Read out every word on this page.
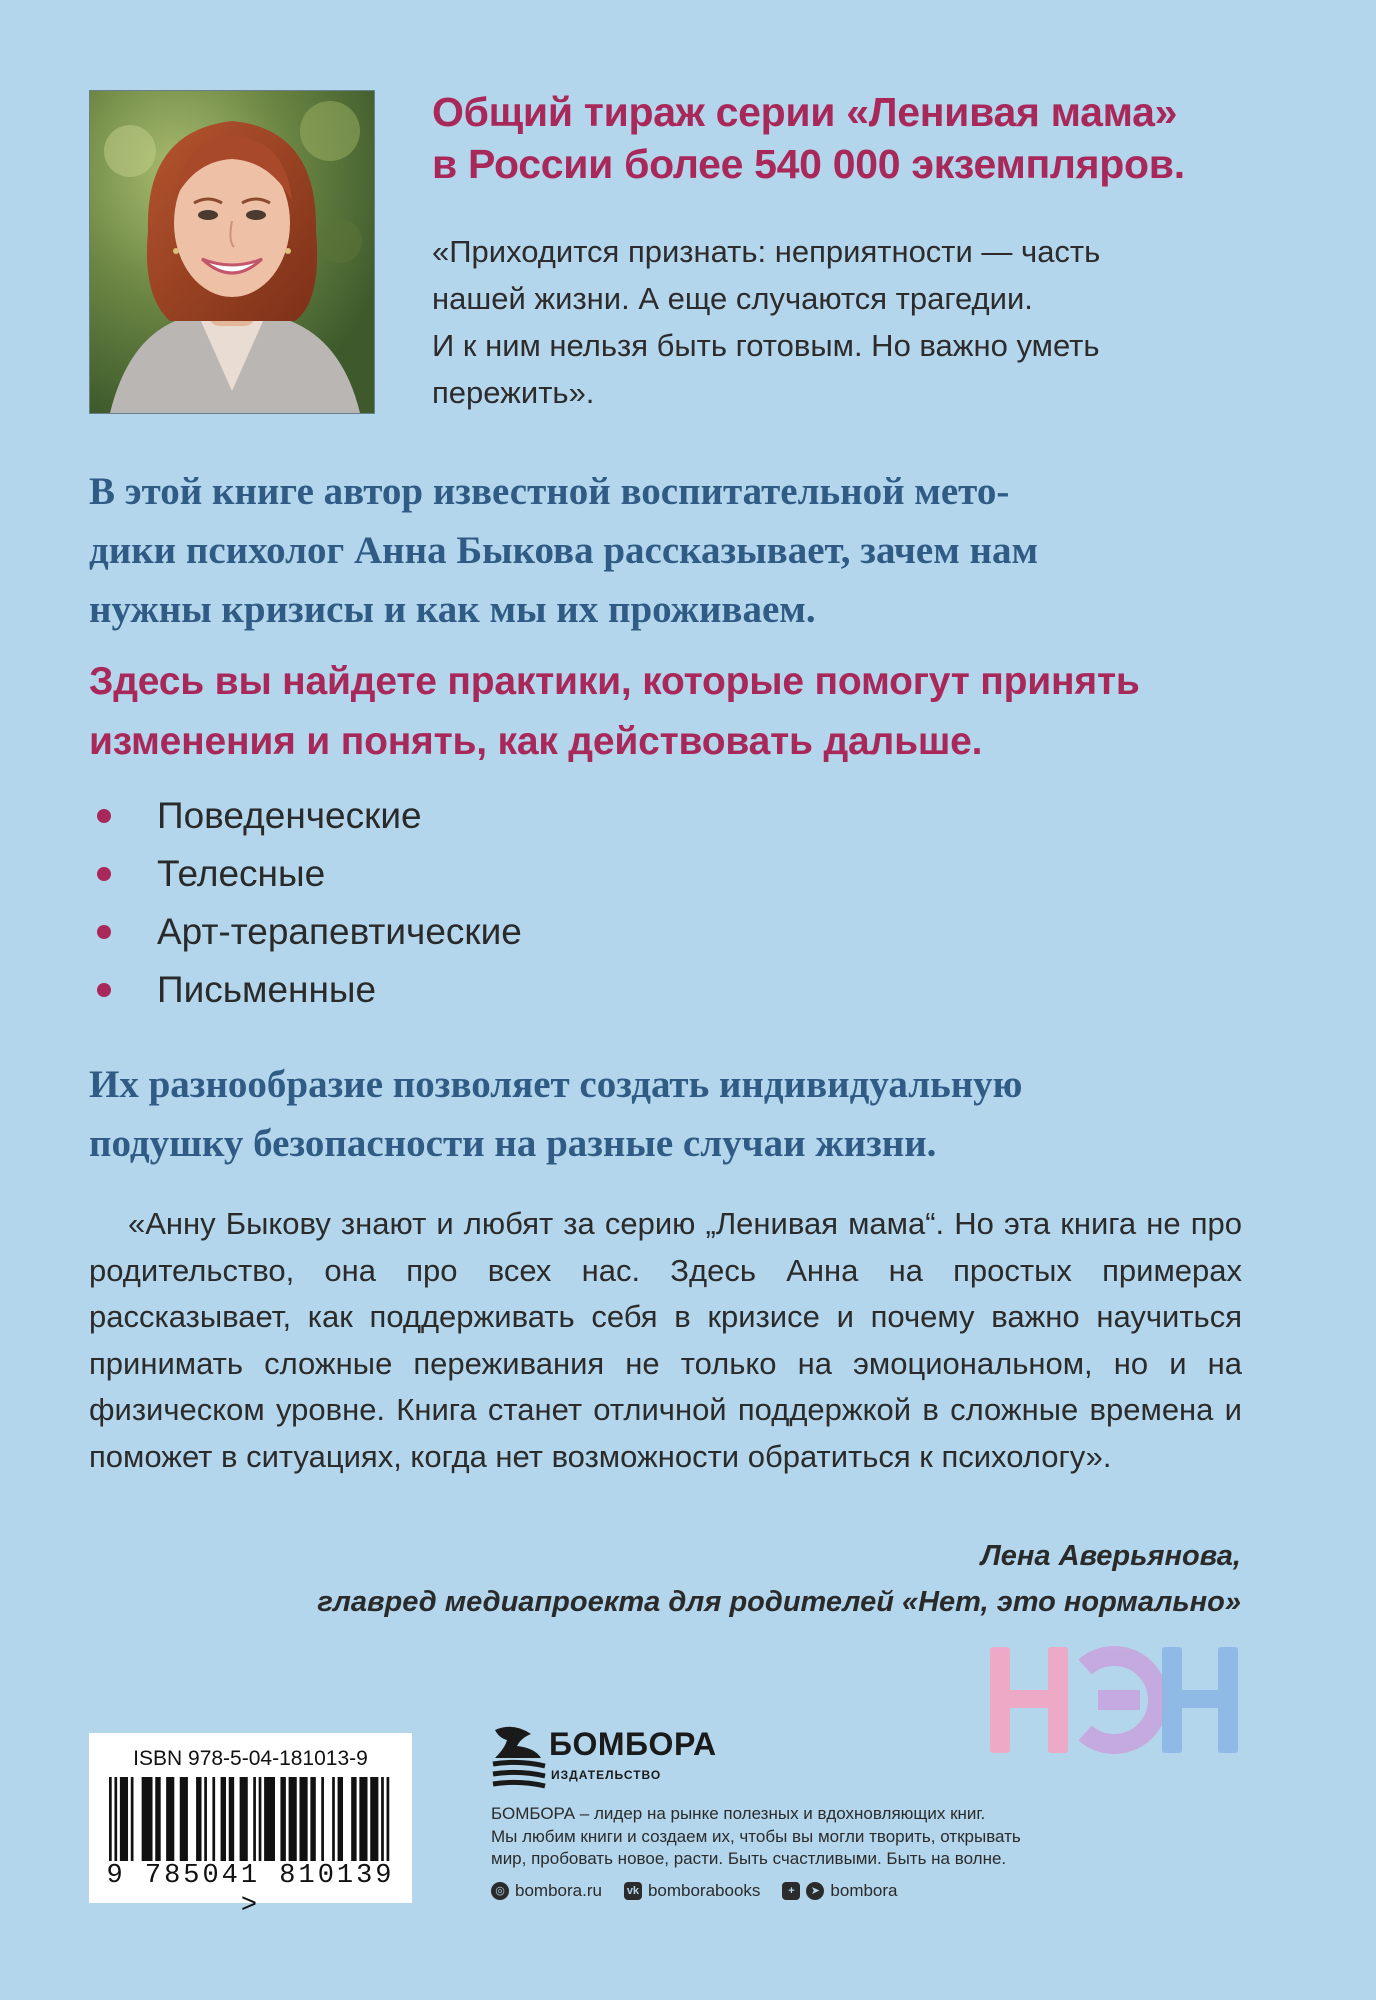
Общий тираж серии «Ленивая мама»
в России более 540 000 экземпляров.
«Приходится признать: неприятности — часть
нашей жизни. А еще случаются трагедии.
И к ним нельзя быть готовым. Но важно уметь
пережить».
В этой книге автор известной воспитательной мето-
дики психолог Анна Быкова рассказывает, зачем нам
нужны кризисы и как мы их проживаем.
Здесь вы найдете практики, которые помогут принять
изменения и понять, как действовать дальше.
Поведенческие
Телесные
Арт-терапевтические
Письменные
Их разнообразие позволяет создать индивидуальную
подушку безопасности на разные случаи жизни.
«Анну Быкову знают и любят за серию „Ленивая мама“. Но эта книга не про родительство, она про всех нас. Здесь Анна на простых примерах рассказывает, как поддерживать себя в кризисе и почему важно научиться принимать сложные переживания не только на эмоциональном, но и на физическом уровне. Книга станет отличной поддержкой в сложные времена и поможет в ситуациях, когда нет возможности обратиться к психологу».
Лена Аверьянова,
главред медиапроекта для родителей «Нет, это нормально»
ISBN 978-5-04-181013-9
9 785041 810139 >
БОМБОРА
ИЗДАТЕЛЬСТВО
БОМБОРА – лидер на рынке полезных и вдохновляющих книг.
Мы любим книги и создаем их, чтобы вы могли творить, открывать
мир, пробовать новое, расти. Быть счастливыми. Быть на волне.
◎ bombora.ru vk bomborabooks	+	➤ bombora
